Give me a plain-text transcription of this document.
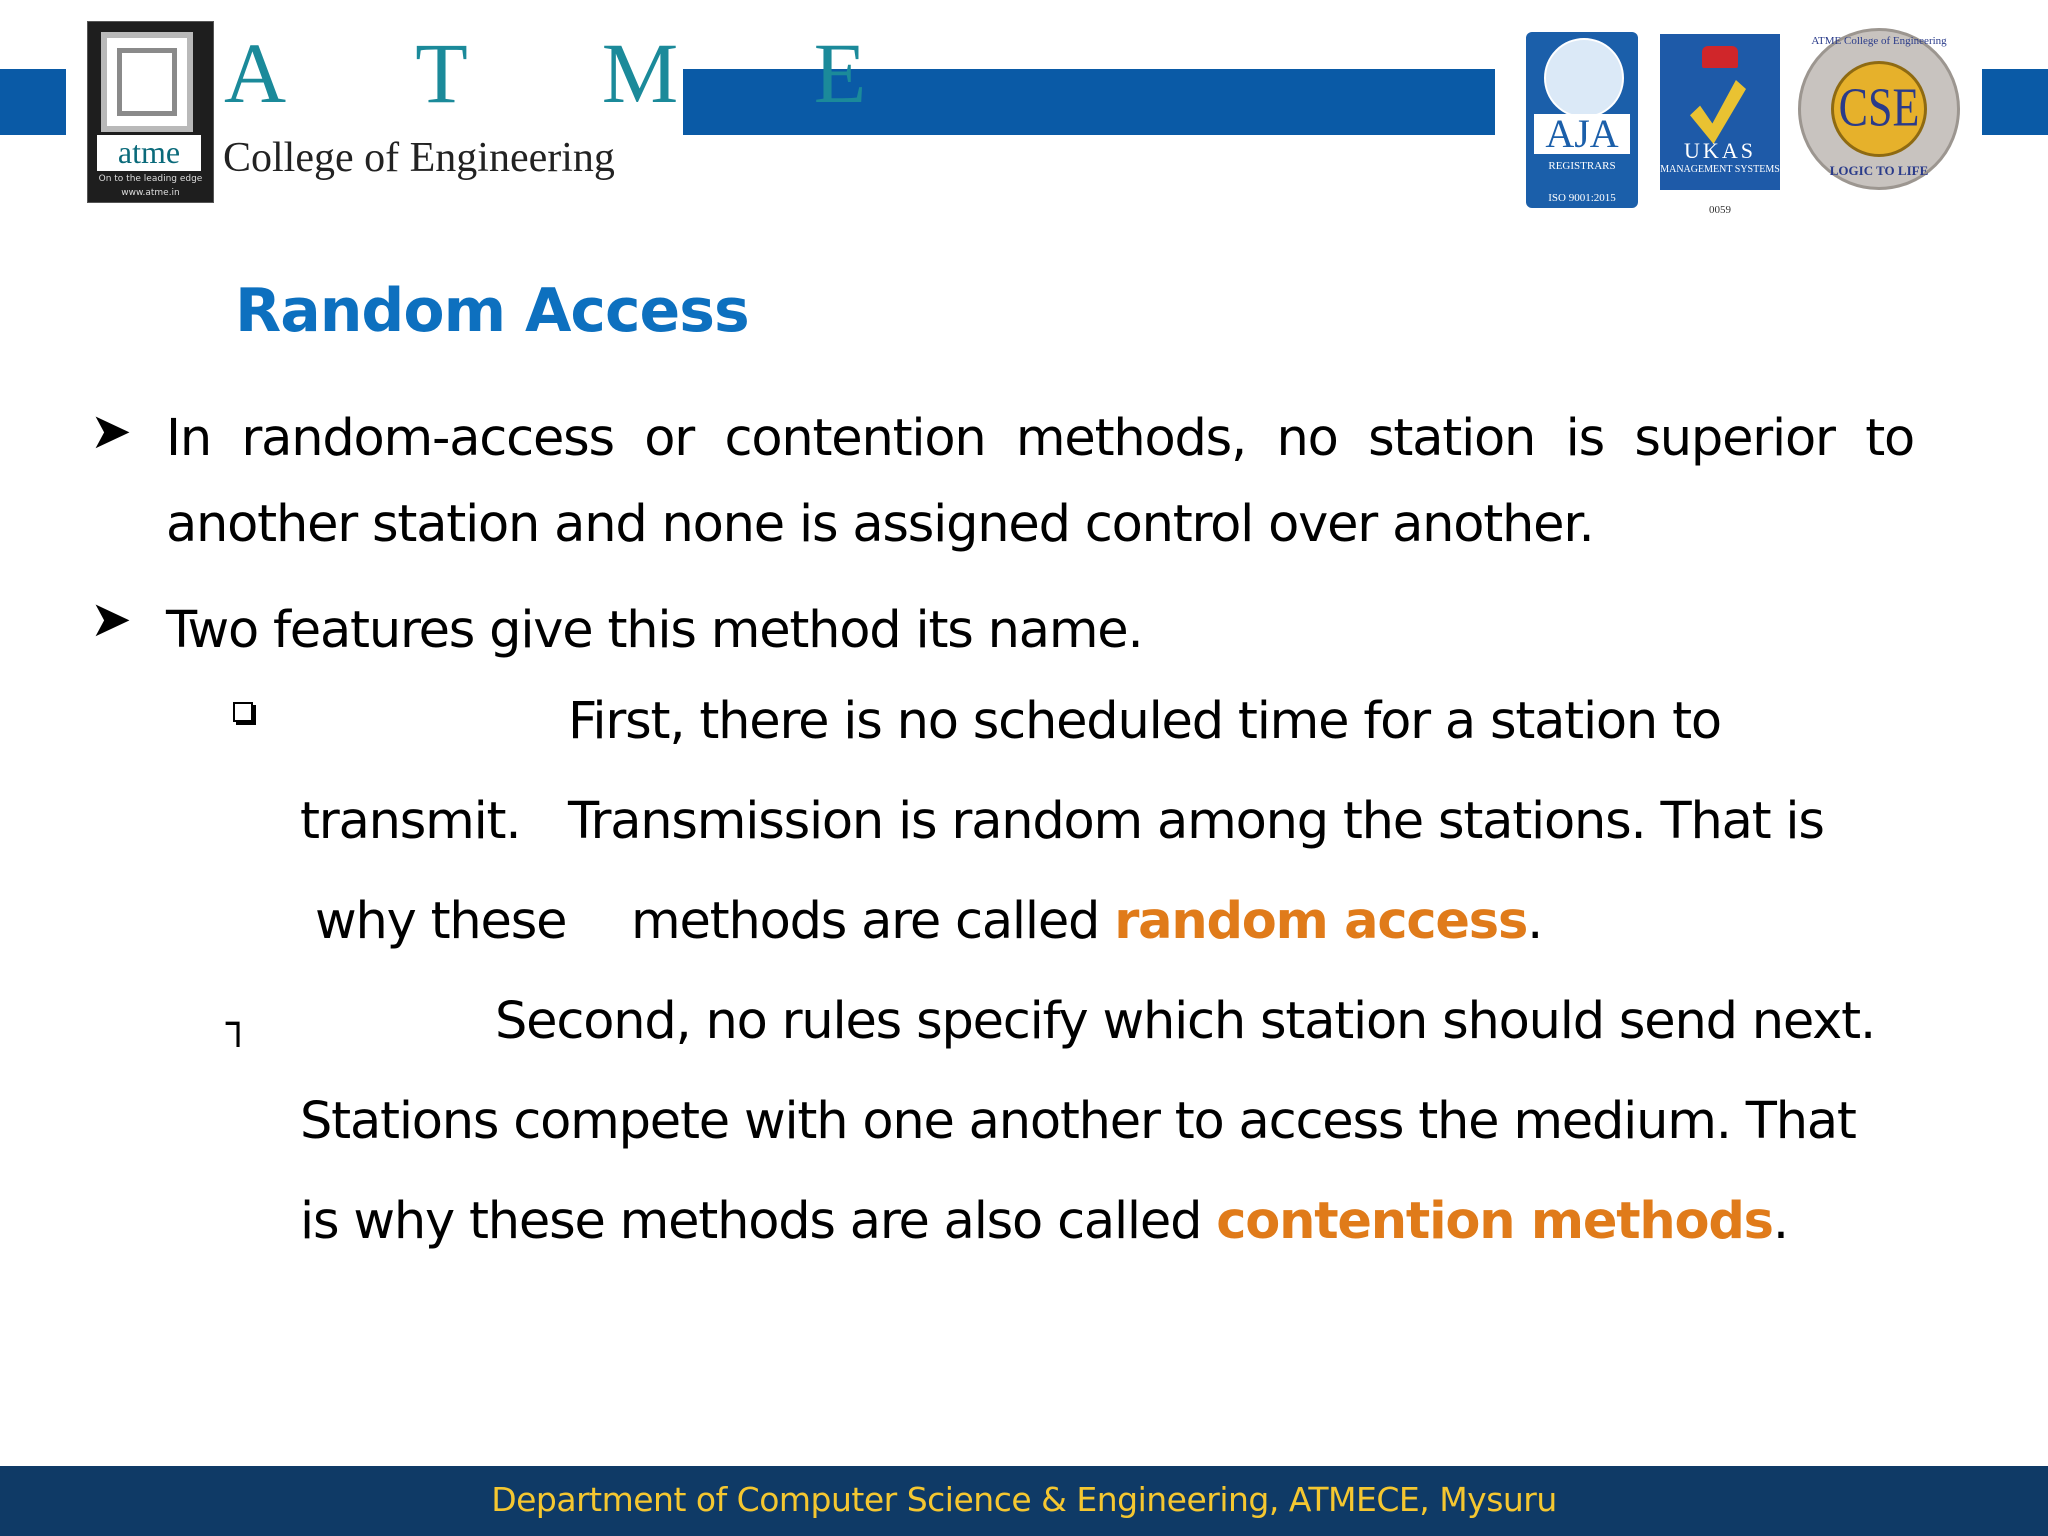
atme
On to the leading edge
www.atme.in
A T M E
College of Engineering
AJA
REGISTRARS
ISO 9001:2015
UKAS
MANAGEMENT SYSTEMS
0059
ATME College of Engineering
CSE
LOGIC TO LIFE
Random Access
➤ In random-access or contention methods, no station is superior to
another station and none is assigned control over another.
➤ Two features give this method its name.
First, there is no scheduled time for a station to
transmit. Transmission is random among the stations. That is
why these methods are called random access.
┐	Second, no rules specify which station should send next.
Stations compete with one another to access the medium. That
is why these methods are also called contention methods.
Department of Computer Science & Engineering, ATMECE, Mysuru
